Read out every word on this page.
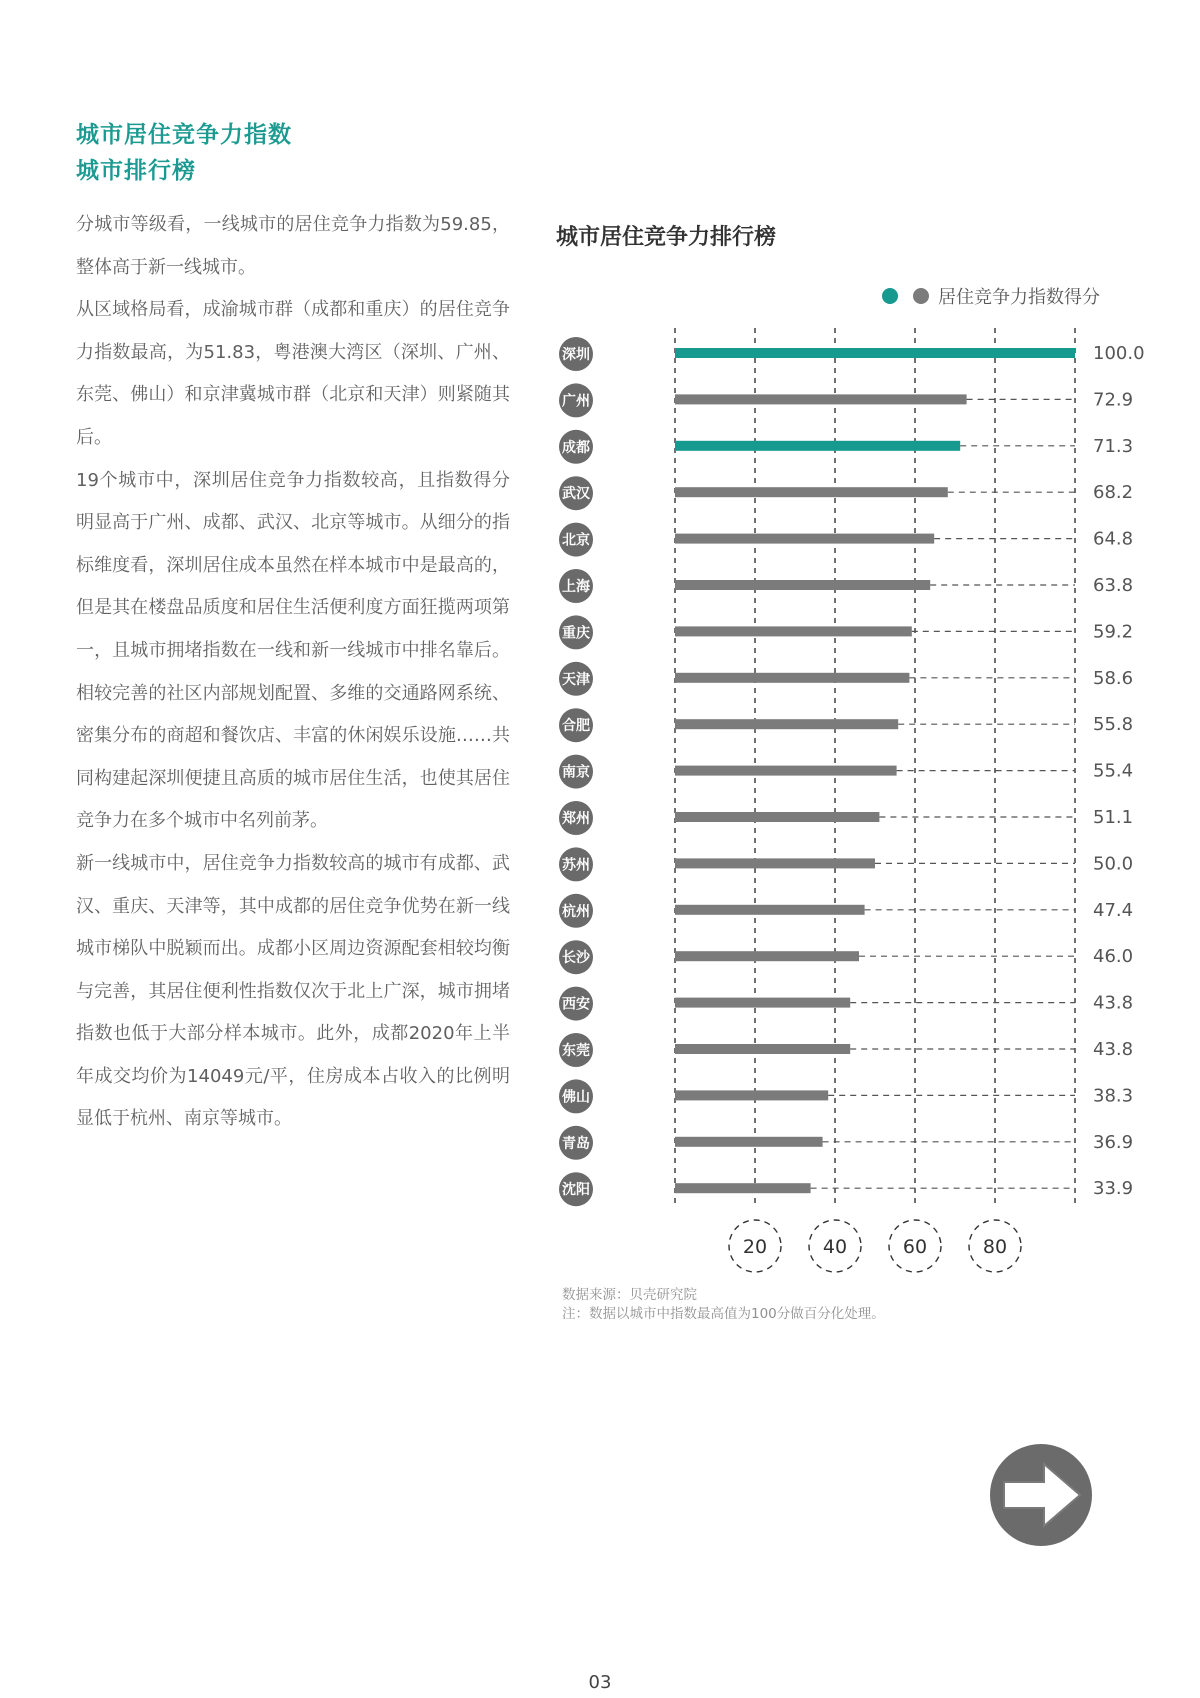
城市居住竞争力指数
城市排行榜

分城市等级看，一线城市的居住竞争力指数为59.85，整体高于新一线城市。

从区域格局看，成渝城市群（成都和重庆）的居住竞争力指数最高，为51.83，粤港澳大湾区（深圳、广州、东莞、佛山）和京津冀城市群（北京和天津）则紧随其后。

19个城市中，深圳居住竞争力指数较高，且指数得分明显高于广州、成都、武汉、北京等城市。从细分的指标维度看，深圳居住成本虽然在样本城市中是最高的，但是其在楼盘品质度和居住生活便利度方面狂揽两项第一，且城市拥堵指数在一线和新一线城市中排名靠后。相较完善的社区内部规划配置、多维的交通路网系统、密集分布的商超和餐饮店、丰富的休闲娱乐设施……共同构建起深圳便捷且高质的城市居住生活，也使其居住竞争力在多个城市中名列前茅。

新一线城市中，居住竞争力指数较高的城市有成都、武汉、重庆、天津等，其中成都的居住竞争优势在新一线城市梯队中脱颖而出。成都小区周边资源配套相较均衡与完善，其居住便利性指数仅次于北上广深，城市拥堵指数也低于大部分样本城市。此外，成都2020年上半年成交均价为14049元/平，住房成本占收入的比例明显低于杭州、南京等城市。

城市居住竞争力排行榜
深圳	100.0
广州	72.9
成都	71.3
武汉	68.2
北京	64.8
上海	63.8
重庆	59.2
天津	58.6
合肥	55.8
南京	55.4
郑州	51.1
苏州	50.0
杭州	47.4
长沙	46.0
西安	43.8
东莞	43.8
佛山	38.3
青岛	36.9
沈阳	33.9
20	40	60	80
居住竞争力指数得分
数据来源：贝壳研究院
注：数据以城市中指数最高值为100分做百分化处理。
03
